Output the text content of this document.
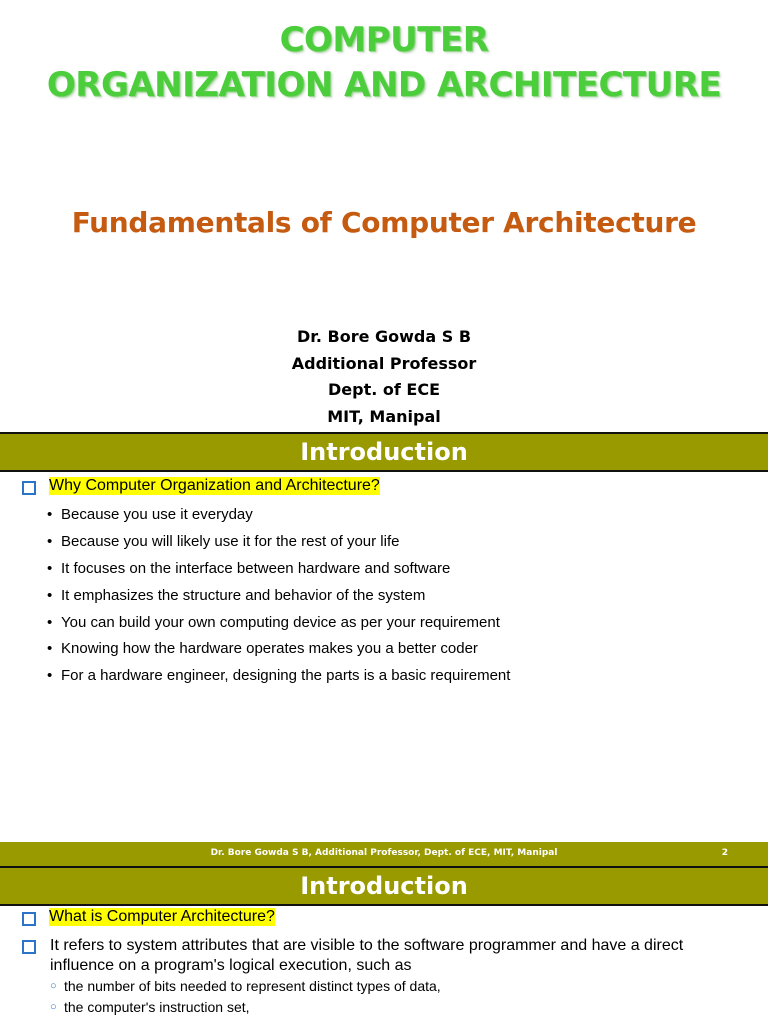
COMPUTER
ORGANIZATION AND ARCHITECTURE
Fundamentals of Computer Architecture
Dr. Bore Gowda S B
Additional Professor
Dept. of ECE
MIT, Manipal
Introduction
Why Computer Organization and Architecture?
• Because you use it everyday
• Because you will likely use it for the rest of your life
• It focuses on the interface between hardware and software
• It emphasizes the structure and behavior of the system
• You can build your own computing device as per your requirement
• Knowing how the hardware operates makes you a better coder
• For a hardware engineer, designing the parts is a basic requirement
Dr. Bore Gowda S B, Additional Professor, Dept. of ECE, MIT, Manipal	2
Introduction
What is Computer Architecture?
It refers to system attributes that are visible to the software programmer and have a direct influence on a program's logical execution, such as
○ the number of bits needed to represent distinct types of data,
○ the computer's instruction set,
